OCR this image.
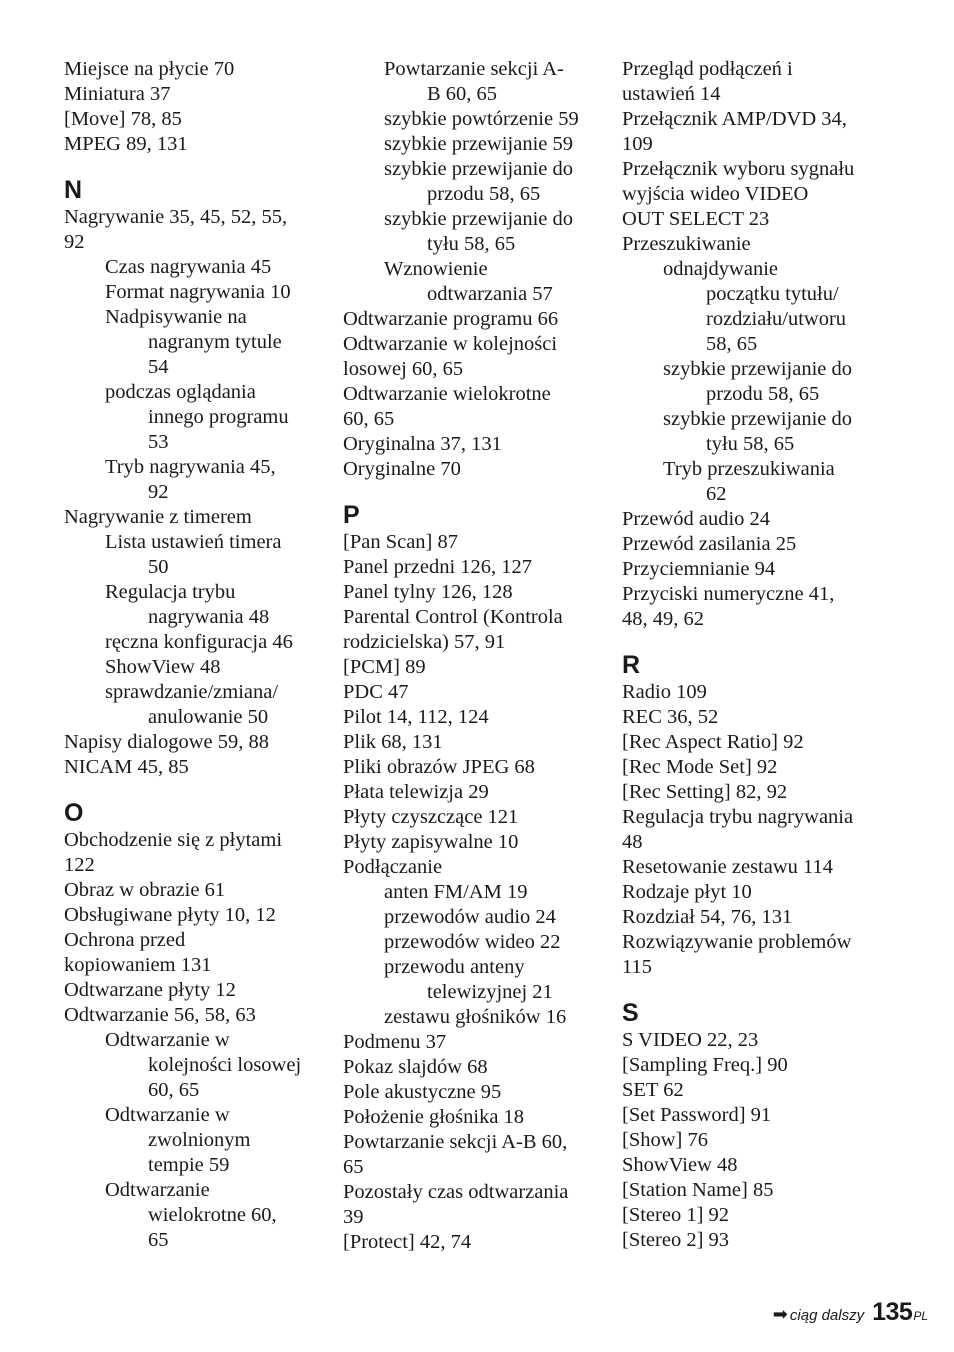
Miejsce na płycie 70
Miniatura 37
[Move] 78, 85
MPEG 89, 131
N
Nagrywanie 35, 45, 52, 55,
92
Czas nagrywania 45
Format nagrywania 10
Nadpisywanie na
nagranym tytule
54
podczas oglądania
innego programu
53
Tryb nagrywania 45,
92
Nagrywanie z timerem
Lista ustawień timera
50
Regulacja trybu
nagrywania 48
ręczna konfiguracja 46
ShowView 48
sprawdzanie/zmiana/
anulowanie 50
Napisy dialogowe 59, 88
NICAM 45, 85
O
Obchodzenie się z płytami
122
Obraz w obrazie 61
Obsługiwane płyty 10, 12
Ochrona przed
kopiowaniem 131
Odtwarzane płyty 12
Odtwarzanie 56, 58, 63
Odtwarzanie w
kolejności losowej
60, 65
Odtwarzanie w
zwolnionym
tempie 59
Odtwarzanie
wielokrotne 60,
65
Powtarzanie sekcji A-
B 60, 65
szybkie powtórzenie 59
szybkie przewijanie 59
szybkie przewijanie do
przodu 58, 65
szybkie przewijanie do
tyłu 58, 65
Wznowienie
odtwarzania 57
Odtwarzanie programu 66
Odtwarzanie w kolejności
losowej 60, 65
Odtwarzanie wielokrotne
60, 65
Oryginalna 37, 131
Oryginalne 70
P
[Pan Scan] 87
Panel przedni 126, 127
Panel tylny 126, 128
Parental Control (Kontrola
rodzicielska) 57, 91
[PCM] 89
PDC 47
Pilot 14, 112, 124
Plik 68, 131
Pliki obrazów JPEG 68
Płata telewizja 29
Płyty czyszczące 121
Płyty zapisywalne 10
Podłączanie
anten FM/AM 19
przewodów audio 24
przewodów wideo 22
przewodu anteny
telewizyjnej 21
zestawu głośników 16
Podmenu 37
Pokaz slajdów 68
Pole akustyczne 95
Położenie głośnika 18
Powtarzanie sekcji A-B 60,
65
Pozostały czas odtwarzania
39
[Protect] 42, 74
Przegląd podłączeń i
ustawień 14
Przełącznik AMP/DVD 34,
109
Przełącznik wyboru sygnału
wyjścia wideo VIDEO
OUT SELECT 23
Przeszukiwanie
odnajdywanie
początku tytułu/
rozdziału/utworu
58, 65
szybkie przewijanie do
przodu 58, 65
szybkie przewijanie do
tyłu 58, 65
Tryb przeszukiwania
62
Przewód audio 24
Przewód zasilania 25
Przyciemnianie 94
Przyciski numeryczne 41,
48, 49, 62
R
Radio 109
REC 36, 52
[Rec Aspect Ratio] 92
[Rec Mode Set] 92
[Rec Setting] 82, 92
Regulacja trybu nagrywania
48
Resetowanie zestawu 114
Rodzaje płyt 10
Rozdział 54, 76, 131
Rozwiązywanie problemów
115
S
S VIDEO 22, 23
[Sampling Freq.] 90
SET 62
[Set Password] 91
[Show] 76
ShowView 48
[Station Name] 85
[Stereo 1] 92
[Stereo 2] 93
➡ ciąg dalszy 135 PL
